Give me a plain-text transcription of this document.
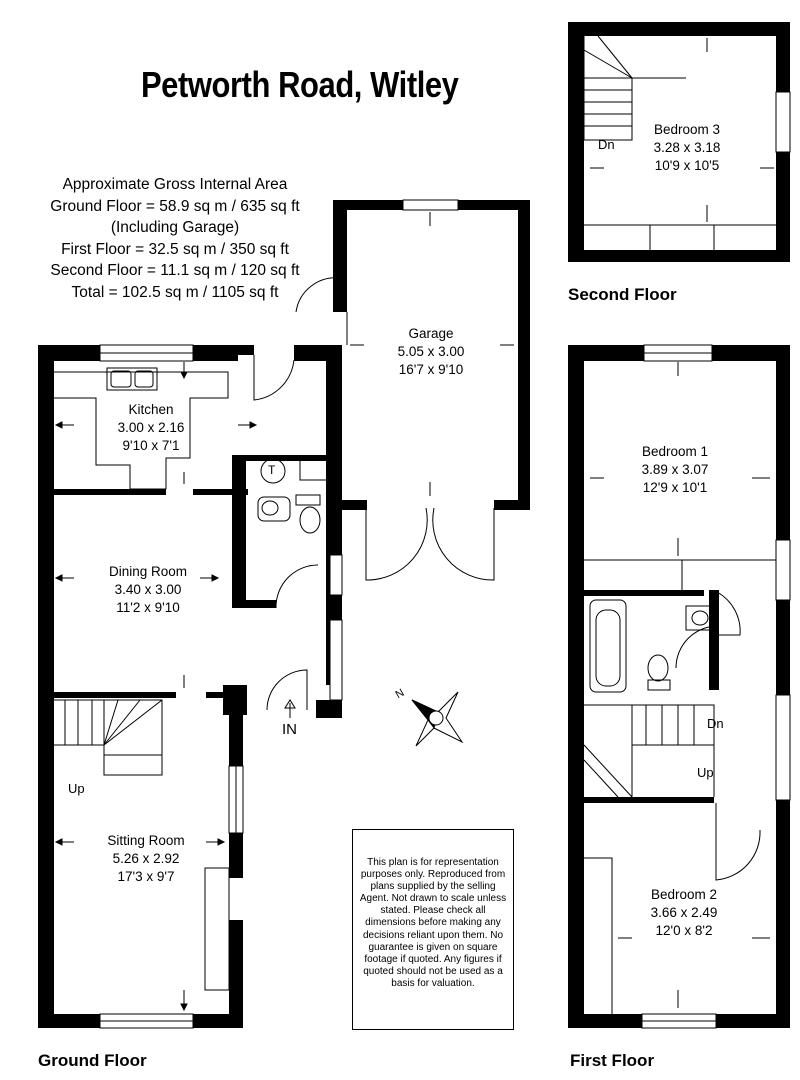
Petworth Road, Witley
Approximate Gross Internal Area
Ground Floor = 58.9 sq m / 635 sq ft
(Including Garage)
First Floor = 32.5 sq m / 350 sq ft
Second Floor = 11.1 sq m / 120 sq ft
Total = 102.5 sq m / 1105 sq ft
Kitchen
3.00 x 2.16
9'10 x 7'1
Dining Room
3.40 x 3.00
11'2 x 9'10
Sitting Room
5.26 x 2.92
17'3 x 9'7
Garage
5.05 x 3.00
16'7 x 9'10
Bedroom 1
3.89 x 3.07
12'9 x 10'1
Bedroom 2
3.66 x 2.49
12'0 x 8'2
Bedroom 3
3.28 x 3.18
10'9 x 10'5
IN
Up
Up
Dn
Dn
T
N
Ground Floor	First Floor
Second Floor
This plan is for representation purposes only. Reproduced from plans supplied by the selling Agent. Not drawn to scale unless stated. Please check all dimensions before making any decisions reliant upon them. No guarantee is given on square footage if quoted. Any figures if quoted should not be used as a basis for valuation.
